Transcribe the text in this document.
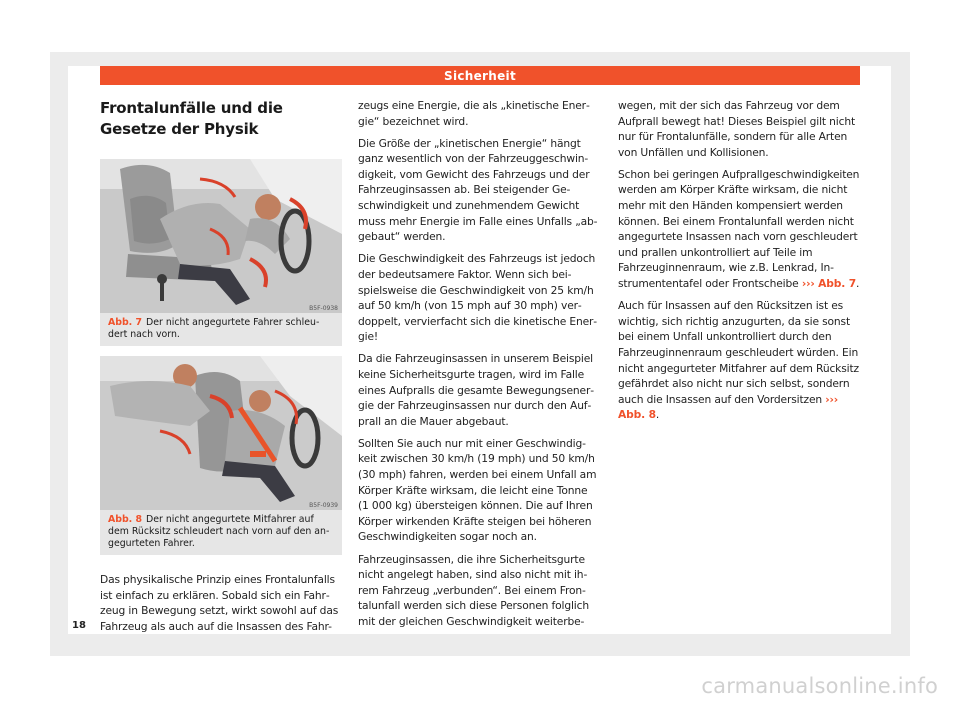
Sicherheit
Frontalunfälle und die Gesetze der Physik
B5F-0938
Abb. 7 Der nicht angegurtete Fahrer schleudert nach vorn.
B5F-0939
Abb. 8 Der nicht angegurtete Mitfahrer auf dem Rücksitz schleudert nach vorn auf den angegurteten Fahrer.

Das physikalische Prinzip eines Frontalunfalls ist einfach zu erklären. Sobald sich ein Fahrzeug in Bewegung setzt, wirkt sowohl auf das Fahrzeug als auch auf die Insassen des Fahr-

zeugs eine Energie, die als „kinetische Energie“ bezeichnet wird.

Die Größe der „kinetischen Energie“ hängt ganz wesentlich von der Fahrzeuggeschwindigkeit, vom Gewicht des Fahrzeugs und der Fahrzeuginsassen ab. Bei steigender Geschwindigkeit und zunehmendem Gewicht muss mehr Energie im Falle eines Unfalls „abgebaut“ werden.

Die Geschwindigkeit des Fahrzeugs ist jedoch der bedeutsamere Faktor. Wenn sich beispielsweise die Geschwindigkeit von 25 km/h auf 50 km/h (von 15 mph auf 30 mph) verdoppelt, vervierfacht sich die kinetische Energie!

Da die Fahrzeuginsassen in unserem Beispiel keine Sicherheitsgurte tragen, wird im Falle eines Aufpralls die gesamte Bewegungsenergie der Fahrzeuginsassen nur durch den Aufprall an die Mauer abgebaut.

Sollten Sie auch nur mit einer Geschwindigkeit zwischen 30 km/h (19 mph) und 50 km/h (30 mph) fahren, werden bei einem Unfall am Körper Kräfte wirksam, die leicht eine Tonne (1 000 kg) übersteigen können. Die auf Ihren Körper wirkenden Kräfte steigen bei höheren Geschwindigkeiten sogar noch an.

Fahrzeuginsassen, die ihre Sicherheitsgurte nicht angelegt haben, sind also nicht mit ihrem Fahrzeug „verbunden“. Bei einem Frontalunfall werden sich diese Personen folglich mit der gleichen Geschwindigkeit weiterbe-

wegen, mit der sich das Fahrzeug vor dem Aufprall bewegt hat! Dieses Beispiel gilt nicht nur für Frontalunfälle, sondern für alle Arten von Unfällen und Kollisionen.

Schon bei geringen Aufprallgeschwindigkeiten werden am Körper Kräfte wirksam, die nicht mehr mit den Händen kompensiert werden können. Bei einem Frontalunfall werden nicht angegurtete Insassen nach vorn geschleudert und prallen unkontrolliert auf Teile im Fahrzeuginnenraum, wie z.B. Lenkrad, Instrumententafel oder Frontscheibe ››› Abb. 7.

Auch für Insassen auf den Rücksitzen ist es wichtig, sich richtig anzugurten, da sie sonst bei einem Unfall unkontrolliert durch den Fahrzeuginnenraum geschleudert würden. Ein nicht angegurteter Mitfahrer auf dem Rücksitz gefährdet also nicht nur sich selbst, sondern auch die Insassen auf den Vordersitzen ››› Abb. 8.

18
carmanualsonline.info
